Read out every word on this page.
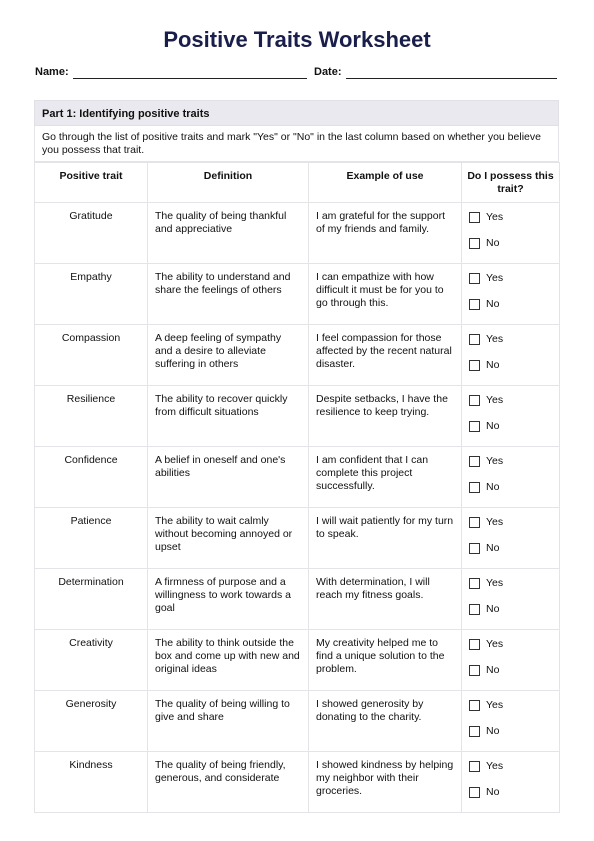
Positive Traits Worksheet
Name:	Date:
Part 1: Identifying positive traits
Go through the list of positive traits and mark "Yes" or "No" in the last column based on whether you believe you possess that trait.
Positive trait	Definition	Example of use	Do I possess this trait?
Gratitude	The quality of being thankful and appreciative	I am grateful for the support of my friends and family.	Yes
No

Empathy	The ability to understand and share the feelings of others	I can empathize with how difficult it must be for you to go through this.	Yes
No

Compassion	A deep feeling of sympathy and a desire to alleviate suffering in others	I feel compassion for those affected by the recent natural disaster.	Yes
No

Resilience	The ability to recover quickly from difficult situations	Despite setbacks, I have the resilience to keep trying.	Yes
No

Confidence	A belief in oneself and one's abilities	I am confident that I can complete this project successfully.	Yes
No

Patience	The ability to wait calmly without becoming annoyed or upset	I will wait patiently for my turn to speak.	Yes
No

Determination	A firmness of purpose and a willingness to work towards a goal	With determination, I will reach my fitness goals.	Yes
No

Creativity	The ability to think outside the box and come up with new and original ideas	My creativity helped me to find a unique solution to the problem.	Yes
No

Generosity	The quality of being willing to give and share	I showed generosity by donating to the charity.	Yes
No

Kindness	The quality of being friendly, generous, and considerate	I showed kindness by helping my neighbor with their groceries.	Yes
No
